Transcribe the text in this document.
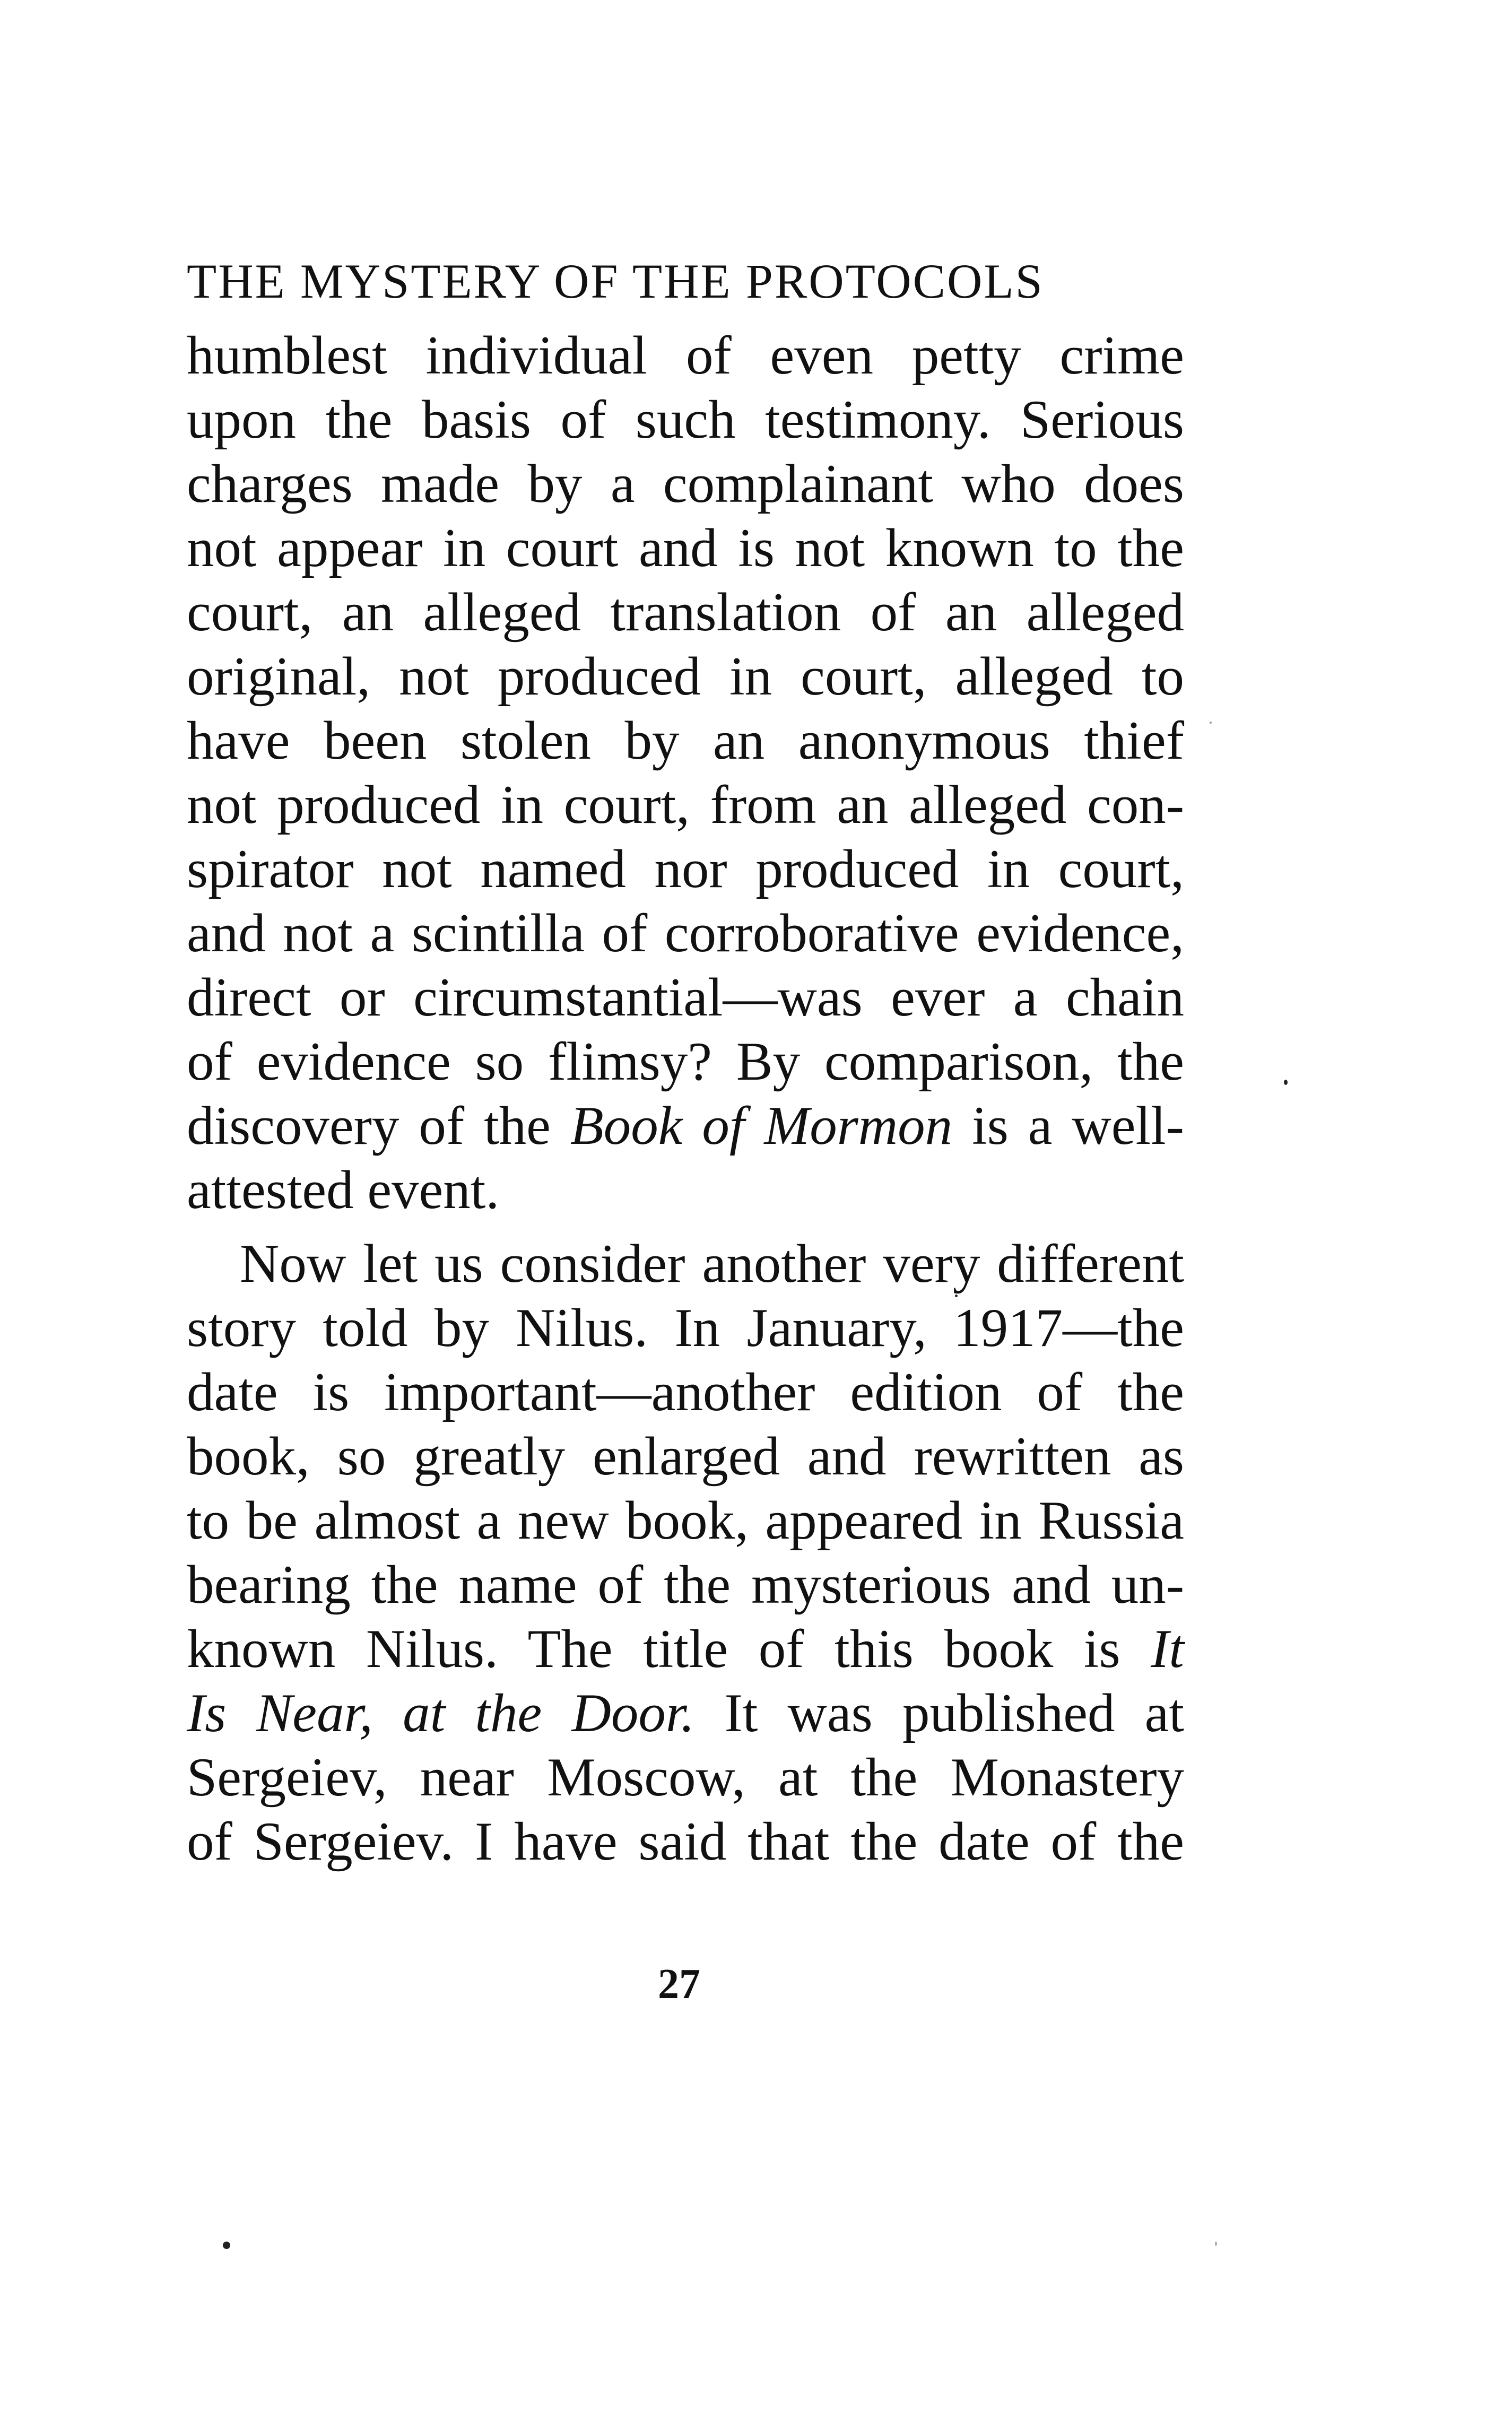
THE MYSTERY OF THE PROTOCOLS
humblest individual of even petty crime
upon the basis of such testimony. Serious
charges made by a complainant who does
not appear in court and is not known to the
court, an alleged translation of an alleged
original, not produced in court, alleged to
have been stolen by an anonymous thief
not produced in court, from an alleged con-
spirator not named nor produced in court,
and not a scintilla of corroborative evidence,
direct or circumstantial—was ever a chain
of evidence so flimsy? By comparison, the
discovery of the Book of Mormon is a well-
attested event.
Now let us consider another very different
story told by Nilus. In January, 1917—the
date is important—another edition of the
book, so greatly enlarged and rewritten as
to be almost a new book, appeared in Russia
bearing the name of the mysterious and un-
known Nilus. The title of this book is It
Is Near, at the Door. It was published at
Sergeiev, near Moscow, at the Monastery
of Sergeiev. I have said that the date of the
27
